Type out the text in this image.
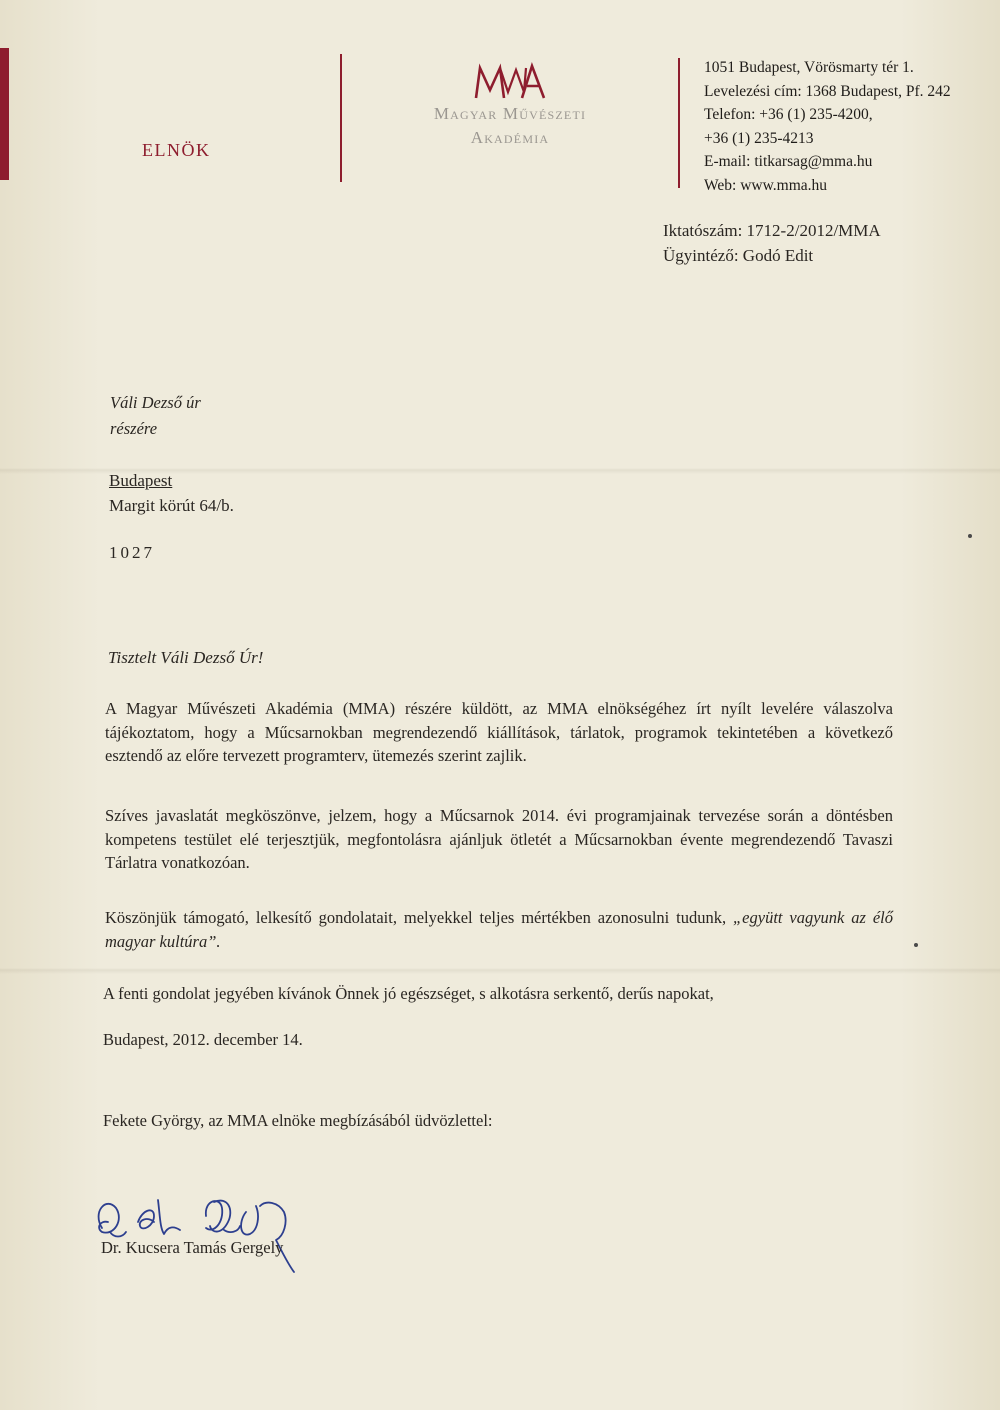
ELNÖK
Magyar Művészeti
Akadémia
1051 Budapest, Vörösmarty tér 1.
Levelezési cím: 1368 Budapest, Pf. 242
Telefon: +36 (1) 235-4200,
+36 (1) 235-4213
E-mail: titkarsag@mma.hu
Web: www.mma.hu
Iktatószám: 1712-2/2012/MMA
Ügyintéző: Godó Edit
Váli Dezső úr
részére
Budapest
Margit körút 64/b.
1027
Tisztelt Váli Dezső Úr!
A Magyar Művészeti Akadémia (MMA) részére küldött, az MMA elnökségéhez írt nyílt levelére válaszolva tájékoztatom, hogy a Műcsarnokban megrendezendő kiállítások, tárlatok, programok tekintetében a következő esztendő az előre tervezett programterv, ütemezés szerint zajlik.
Szíves javaslatát megköszönve, jelzem, hogy a Műcsarnok 2014. évi programjainak tervezése során a döntésben kompetens testület elé terjesztjük, megfontolásra ajánljuk ötletét a Műcsarnokban évente megrendezendő Tavaszi Tárlatra vonatkozóan.
Köszönjük támogató, lelkesítő gondolatait, melyekkel teljes mértékben azonosulni tudunk, „együtt vagyunk az élő magyar kultúra”.
A fenti gondolat jegyében kívánok Önnek jó egészséget, s alkotásra serkentő, derűs napokat,
Budapest, 2012. december 14.
Fekete György, az MMA elnöke megbízásából üdvözlettel:
Dr. Kucsera Tamás Gergely
